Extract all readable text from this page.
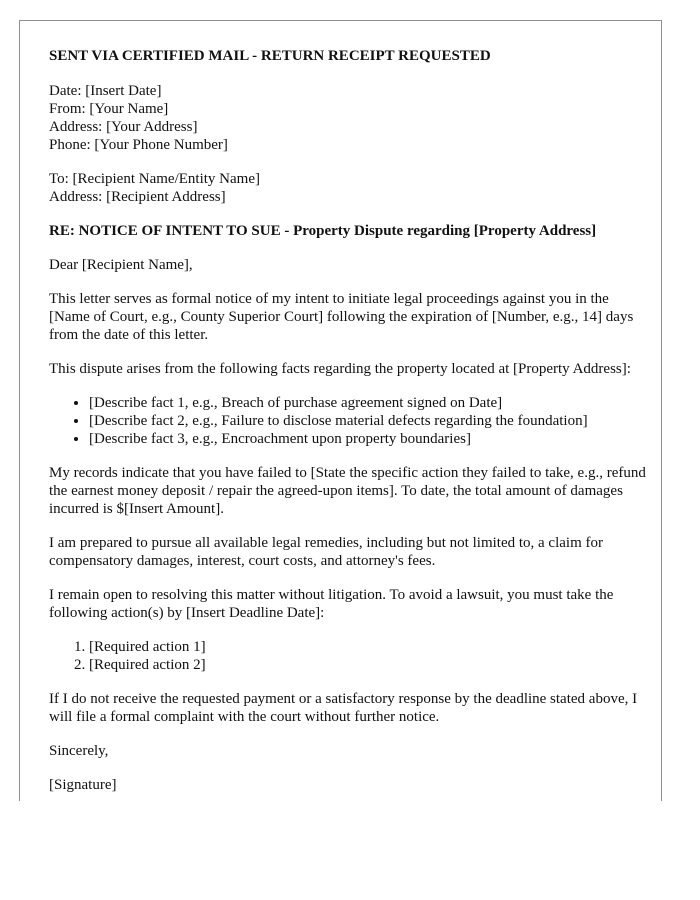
SENT VIA CERTIFIED MAIL - RETURN RECEIPT REQUESTED

Date: [Insert Date]
From: [Your Name]
Address: [Your Address]
Phone: [Your Phone Number]
To: [Recipient Name/Entity Name]
Address: [Recipient Address]

RE: NOTICE OF INTENT TO SUE - Property Dispute regarding [Property Address]

Dear [Recipient Name],

This letter serves as formal notice of my intent to initiate legal proceedings against you in the [Name of Court, e.g., County Superior Court] following the expiration of [Number, e.g., 14] days from the date of this letter.

This dispute arises from the following facts regarding the property located at [Property Address]:

• [Describe fact 1, e.g., Breach of purchase agreement signed on Date]
• [Describe fact 2, e.g., Failure to disclose material defects regarding the foundation]
• [Describe fact 3, e.g., Encroachment upon property boundaries]

My records indicate that you have failed to [State the specific action they failed to take, e.g., refund the earnest money deposit / repair the agreed-upon items]. To date, the total amount of damages incurred is $[Insert Amount].

I am prepared to pursue all available legal remedies, including but not limited to, a claim for compensatory damages, interest, court costs, and attorney's fees.

I remain open to resolving this matter without litigation. To avoid a lawsuit, you must take the following action(s) by [Insert Deadline Date]:

1. [Required action 1]
2. [Required action 2]

If I do not receive the requested payment or a satisfactory response by the deadline stated above, I will file a formal complaint with the court without further notice.

Sincerely,

[Signature]
